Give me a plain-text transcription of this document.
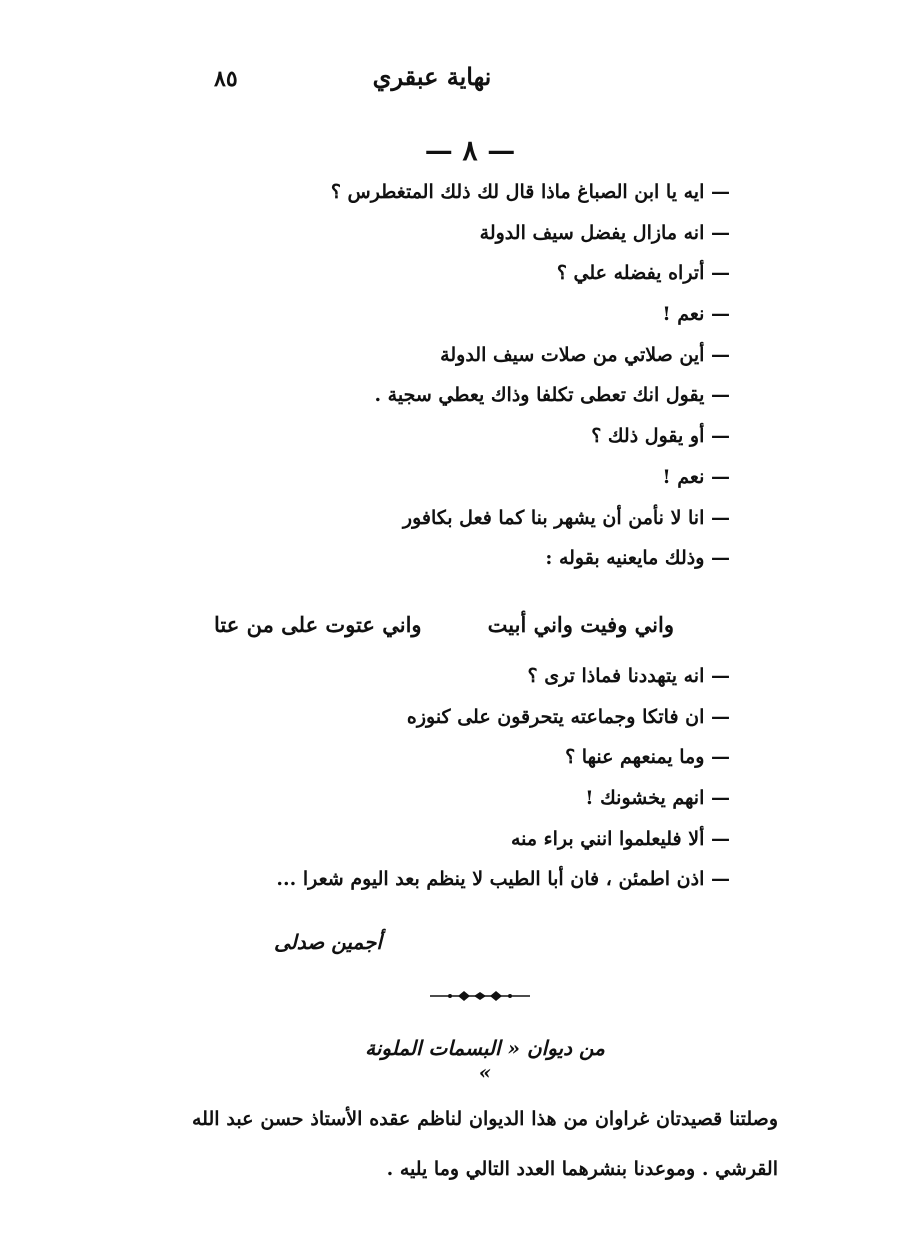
٨٥	نهاية عبقري
— ٨ —
— ايه يا ابن الصباغ ماذا قال لك ذلك المتغطرس ؟
— انه مازال يفضل سيف الدولة
— أتراه يفضله علي ؟
— نعم !
— أين صلاتي من صلات سيف الدولة
— يقول انك تعطى تكلفا وذاك يعطي سجية .
— أو يقول ذلك ؟
— نعم !
— انا لا نأمن أن يشهر بنا كما فعل بكافور
— وذلك مايعنيه بقوله :
واني وفيت واني أبيت
واني عتوت على من عتا
— انه يتهددنا فماذا ترى ؟
— ان فاتكا وجماعته يتحرقون على كنوزه
— وما يمنعهم عنها ؟
— انهم يخشونك !
— ألا فليعلموا انني براء منه
— اذن اطمئن ، فان أبا الطيب لا ينظم بعد اليوم شعرا ...
أجمين صدلى
من ديوان « البسمات الملونة »
وصلتنا قصيدتان غراوان من هذا الديوان لناظم عقده الأستاذ حسن عبد الله القرشي . وموعدنا بنشرهما العدد التالي وما يليه .
